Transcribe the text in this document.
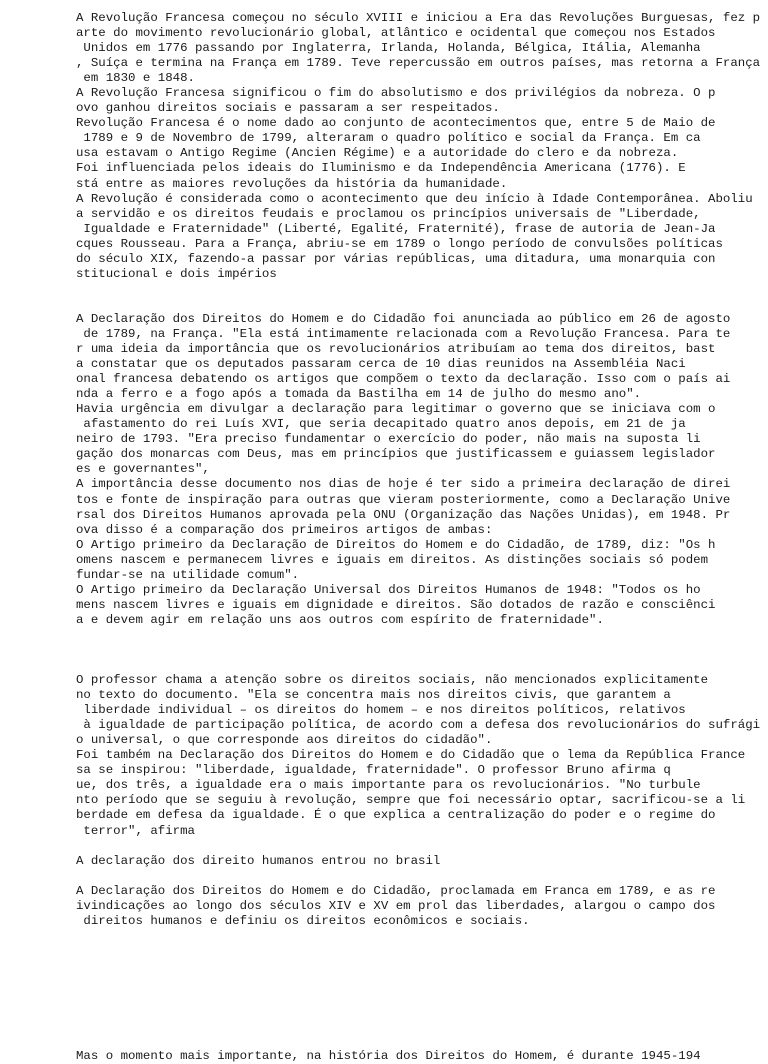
A Revolução Francesa começou no século XVIII e iniciou a Era das Revoluções Burguesas, fez p
arte do movimento revolucionário global, atlântico e ocidental que começou nos Estados
Unidos em 1776 passando por Inglaterra, Irlanda, Holanda, Bélgica, Itália, Alemanha
, Suíça e termina na França em 1789. Teve repercussão em outros países, mas retorna a França
em 1830 e 1848.
A Revolução Francesa significou o fim do absolutismo e dos privilégios da nobreza. O p
ovo ganhou direitos sociais e passaram a ser respeitados.
Revolução Francesa é o nome dado ao conjunto de acontecimentos que, entre 5 de Maio de
1789 e 9 de Novembro de 1799, alteraram o quadro político e social da França. Em ca
usa estavam o Antigo Regime (Ancien Régime) e a autoridade do clero e da nobreza.
Foi influenciada pelos ideais do Iluminismo e da Independência Americana (1776). E
stá entre as maiores revoluções da história da humanidade.
A Revolução é considerada como o acontecimento que deu início à Idade Contemporânea. Aboliu
a servidão e os direitos feudais e proclamou os princípios universais de "Liberdade,
Igualdade e Fraternidade" (Liberté, Egalité, Fraternité), frase de autoria de Jean-Ja
cques Rousseau. Para a França, abriu-se em 1789 o longo período de convulsões políticas
do século XIX, fazendo-a passar por várias repúblicas, uma ditadura, uma monarquia con
stitucional e dois impérios
A Declaração dos Direitos do Homem e do Cidadão foi anunciada ao público em 26 de agosto
de 1789, na França. "Ela está intimamente relacionada com a Revolução Francesa. Para te
r uma ideia da importância que os revolucionários atribuíam ao tema dos direitos, bast
a constatar que os deputados passaram cerca de 10 dias reunidos na Assembléia Naci
onal francesa debatendo os artigos que compõem o texto da declaração. Isso com o país ai
nda a ferro e a fogo após a tomada da Bastilha em 14 de julho do mesmo ano".
Havia urgência em divulgar a declaração para legitimar o governo que se iniciava com o
afastamento do rei Luís XVI, que seria decapitado quatro anos depois, em 21 de ja
neiro de 1793. "Era preciso fundamentar o exercício do poder, não mais na suposta li
gação dos monarcas com Deus, mas em princípios que justificassem e guiassem legislador
es e governantes",
A importância desse documento nos dias de hoje é ter sido a primeira declaração de direi
tos e fonte de inspiração para outras que vieram posteriormente, como a Declaração Unive
rsal dos Direitos Humanos aprovada pela ONU (Organização das Nações Unidas), em 1948. Pr
ova disso é a comparação dos primeiros artigos de ambas:
O Artigo primeiro da Declaração de Direitos do Homem e do Cidadão, de 1789, diz: "Os h
omens nascem e permanecem livres e iguais em direitos. As distinções sociais só podem
fundar-se na utilidade comum".
O Artigo primeiro da Declaração Universal dos Direitos Humanos de 1948: "Todos os ho
mens nascem livres e iguais em dignidade e direitos. São dotados de razão e consciênci
a e devem agir em relação uns aos outros com espírito de fraternidade".
O professor chama a atenção sobre os direitos sociais, não mencionados explicitamente
no texto do documento. "Ela se concentra mais nos direitos civis, que garantem a
liberdade individual – os direitos do homem – e nos direitos políticos, relativos
à igualdade de participação política, de acordo com a defesa dos revolucionários do sufrági
o universal, o que corresponde aos direitos do cidadão".
Foi também na Declaração dos Direitos do Homem e do Cidadão que o lema da República France
sa se inspirou: "liberdade, igualdade, fraternidade". O professor Bruno afirma q
ue, dos três, a igualdade era o mais importante para os revolucionários. "No turbule
nto período que se seguiu à revolução, sempre que foi necessário optar, sacrificou-se a li
berdade em defesa da igualdade. É o que explica a centralização do poder e o regime do
terror", afirma
A declaração dos direito humanos entrou no brasil
A Declaração dos Direitos do Homem e do Cidadão, proclamada em Franca em 1789, e as re
ivindicações ao longo dos séculos XIV e XV em prol das liberdades, alargou o campo dos
direitos humanos e definiu os direitos econômicos e sociais.
Mas o momento mais importante, na história dos Direitos do Homem, é durante 1945-194
